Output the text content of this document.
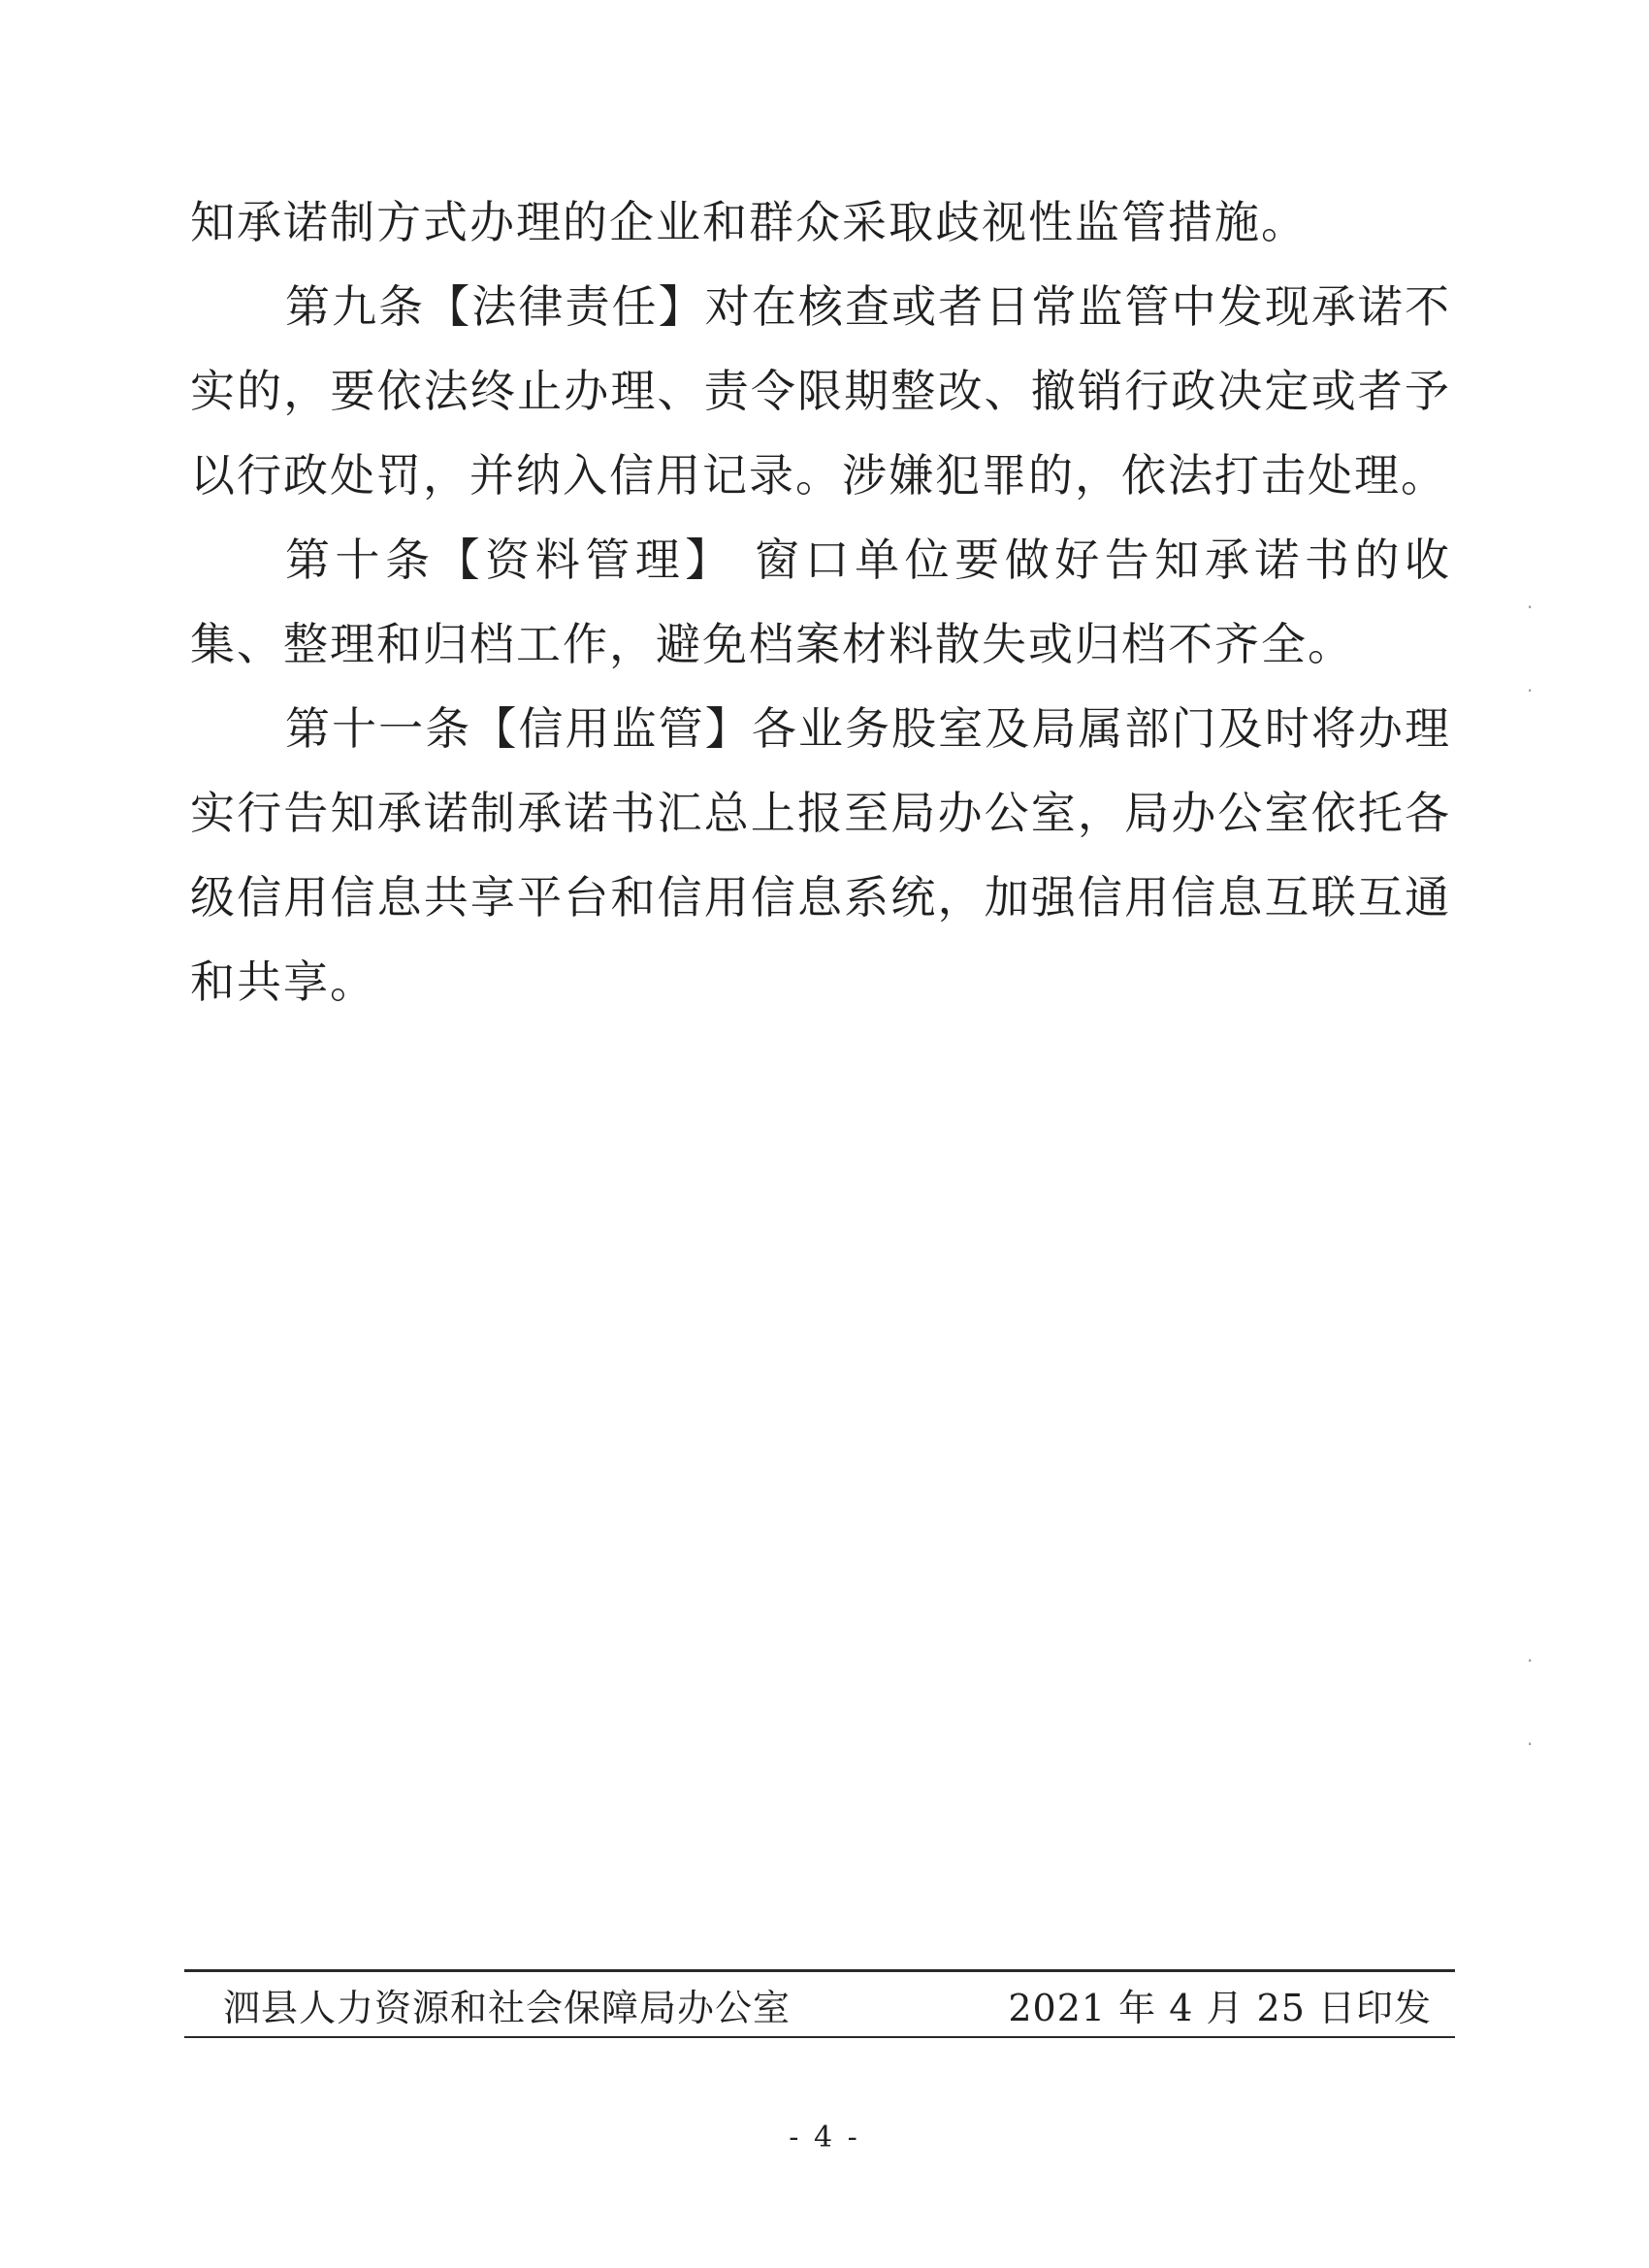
知承诺制方式办理的企业和群众采取歧视性监管措施。

第九条【法律责任】对在核查或者日常监管中发现承诺不实的，要依法终止办理、责令限期整改、撤销行政决定或者予以行政处罚，并纳入信用记录。涉嫌犯罪的，依法打击处理。

第十条【资料管理】 窗口单位要做好告知承诺书的收集、整理和归档工作，避免档案材料散失或归档不齐全。

第十一条【信用监管】各业务股室及局属部门及时将办理实行告知承诺制承诺书汇总上报至局办公室，局办公室依托各级信用信息共享平台和信用信息系统，加强信用信息互联互通和共享。

泗县人力资源和社会保障局办公室	2021 年 4 月 25 日印发
- 4 -
·
·
·
·
